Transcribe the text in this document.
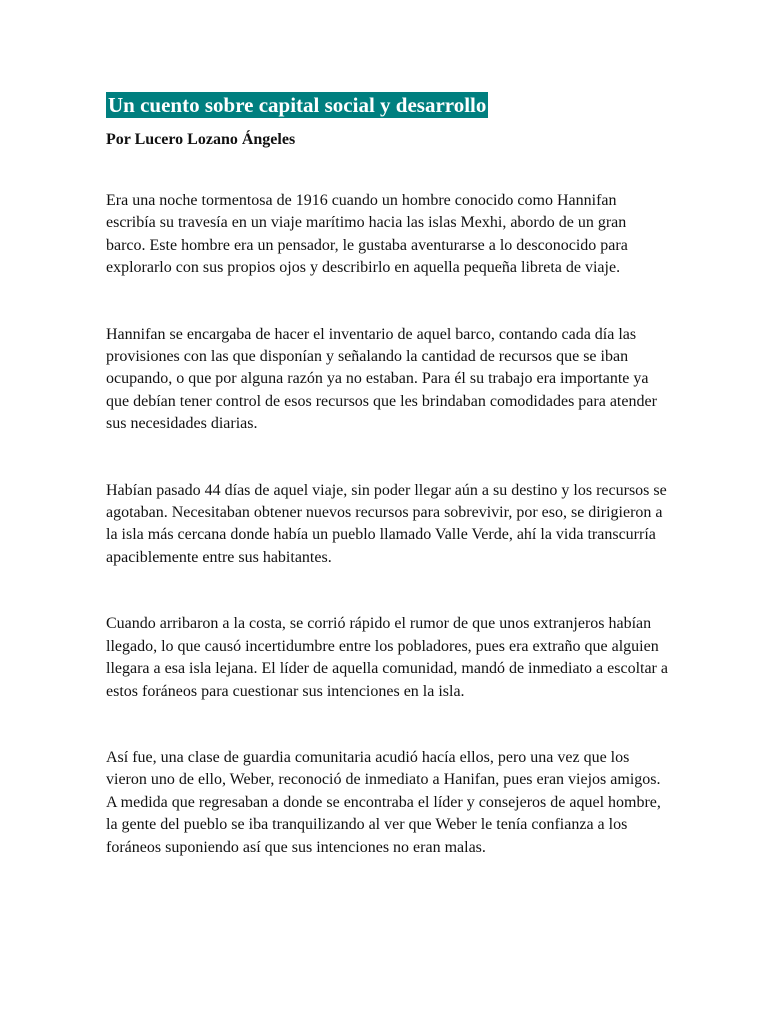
Un cuento sobre capital social y desarrollo
Por Lucero Lozano Ángeles

Era una noche tormentosa de 1916 cuando un hombre conocido como Hannifan escribía su travesía en un viaje marítimo hacia las islas Mexhi, abordo de un gran barco. Este hombre era un pensador, le gustaba aventurarse a lo desconocido para explorarlo con sus propios ojos y describirlo en aquella pequeña libreta de viaje.

Hannifan se encargaba de hacer el inventario de aquel barco, contando cada día las provisiones con las que disponían y señalando la cantidad de recursos que se iban ocupando, o que por alguna razón ya no estaban. Para él su trabajo era importante ya que debían tener control de esos recursos que les brindaban comodidades para atender sus necesidades diarias.

Habían pasado 44 días de aquel viaje, sin poder llegar aún a su destino y los recursos se agotaban. Necesitaban obtener nuevos recursos para sobrevivir, por eso, se dirigieron a la isla más cercana donde había un pueblo llamado Valle Verde, ahí la vida transcurría apaciblemente entre sus habitantes.

Cuando arribaron a la costa, se corrió rápido el rumor de que unos extranjeros habían llegado, lo que causó incertidumbre entre los pobladores, pues era extraño que alguien llegara a esa isla lejana. El líder de aquella comunidad, mandó de inmediato a escoltar a estos foráneos para cuestionar sus intenciones en la isla.

Así fue, una clase de guardia comunitaria acudió hacía ellos, pero una vez que los vieron uno de ello, Weber, reconoció de inmediato a Hanifan, pues eran viejos amigos. A medida que regresaban a donde se encontraba el líder y consejeros de aquel hombre, la gente del pueblo se iba tranquilizando al ver que Weber le tenía confianza a los foráneos suponiendo así que sus intenciones no eran malas.
